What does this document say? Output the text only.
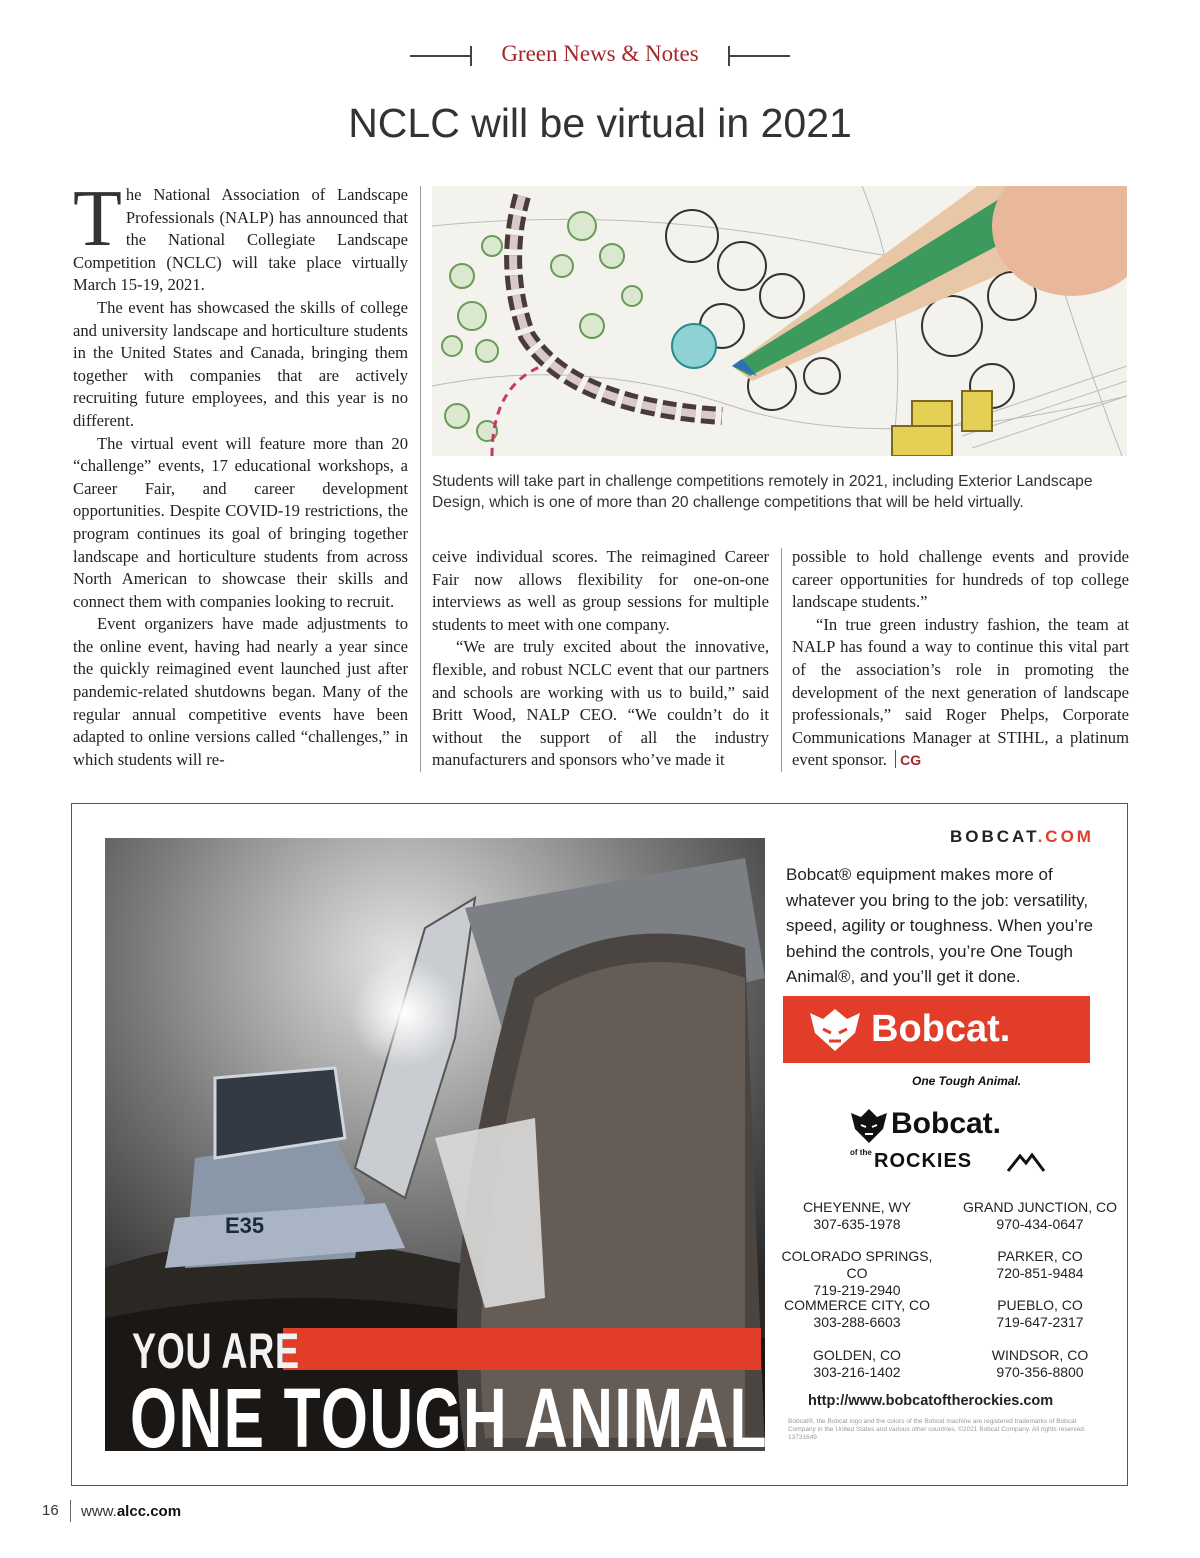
Green News & Notes
NCLC will be virtual in 2021

The National Association of Landscape Professionals (NALP) has announced that the National Collegiate Landscape Competition (NCLC) will take place virtually March 15-19, 2021.

The event has showcased the skills of college and university landscape and horticulture students in the United States and Canada, bringing them together with companies that are actively recruiting future employees, and this year is no different.

The virtual event will feature more than 20 “challenge” events, 17 educational workshops, a Career Fair, and career development opportunities. Despite COVID-19 restrictions, the program continues its goal of bringing together landscape and horticulture students from across North American to showcase their skills and connect them with companies looking to recruit.

Event organizers have made adjustments to the online event, having had nearly a year since the quickly reimagined event launched just after pandemic-related shutdowns began. Many of the regular annual competitive events have been adapted to online versions called “challenges,” in which students will re-

Students will take part in challenge competitions remotely in 2021, including Exterior Landscape Design, which is one of more than 20 challenge competitions that will be held virtually.

ceive individual scores. The reimagined Career Fair now allows flexibility for one-on-one interviews as well as group sessions for multiple students to meet with one company.

“We are truly excited about the innovative, flexible, and robust NCLC event that our partners and schools are working with us to build,” said Britt Wood, NALP CEO. “We couldn’t do it without the support of all the industry manufacturers and sponsors who’ve made it

possible to hold challenge events and provide career opportunities for hundreds of top college landscape students.”

“In true green industry fashion, the team at NALP has found a way to continue this vital part of the association’s role in promoting the development of the next generation of landscape professionals,” said Roger Phelps, Corporate Communications Manager at STIHL, a platinum event sponsor. CG

E35
BOBCAT.COM
Bobcat® equipment makes more of whatever you bring to the job: versatility, speed, agility or toughness. When you’re behind the controls, you’re One Tough Animal®, and you’ll get it done.
Bobcat.
One Tough Animal.
Bobcat.
of the ROCKIES
CHEYENNE, WY
307-635-1978
GRAND JUNCTION, CO
970-434-0647
COLORADO SPRINGS, CO
719-219-2940
PARKER, CO
720-851-9484
COMMERCE CITY, CO
303-288-6603
PUEBLO, CO
719-647-2317
GOLDEN, CO
303-216-1402
WINDSOR, CO
970-356-8800
http://www.bobcatoftherockies.com
Bobcat®, the Bobcat logo and the colors of the Bobcat machine are registered trademarks of Bobcat Company in the United States and various other countries. ©2021 Bobcat Company. All rights reserved. 13731649
YOU ARE
ONE TOUGH ANIMAL.
16 www.alcc.com
